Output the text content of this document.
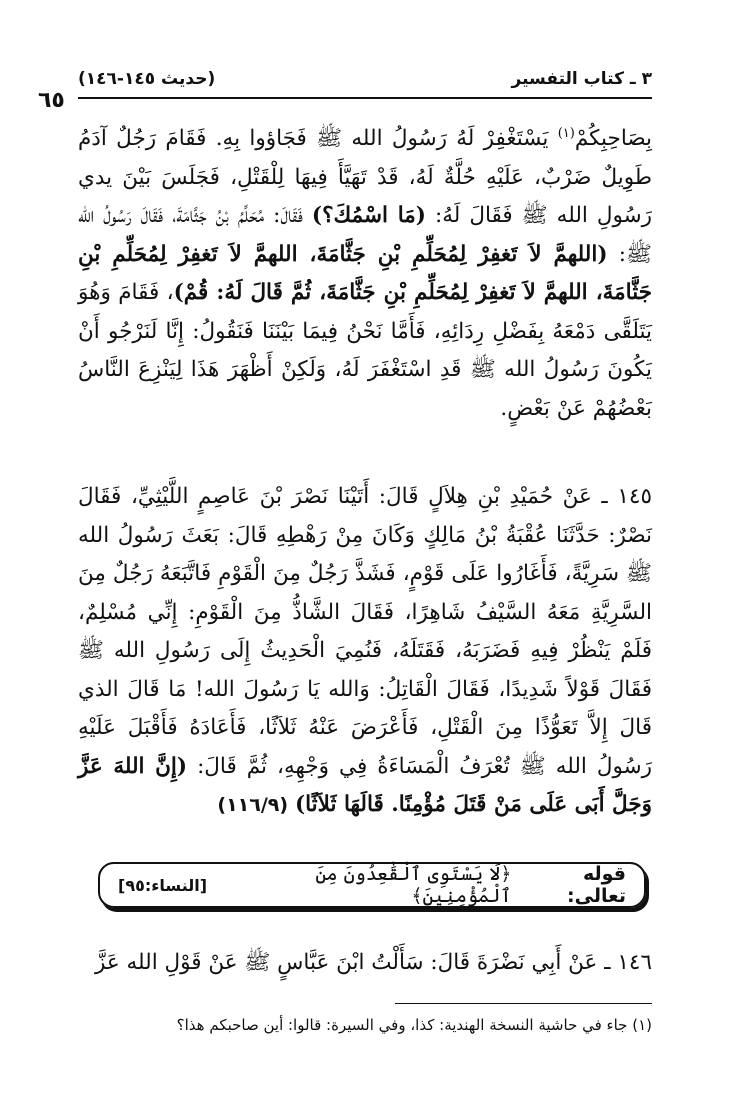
٣ ـ كتاب التفسير
(حديث ١٤٥-١٤٦)
٦٥
بِصَاحِبِكُمْ$^{(١)}$ يَسْتَغْفِرْ لَهُ رَسُولُ الله ﷺ فَجَاؤوا بِهِ. فَقَامَ رَجُلٌ آدَمُ طَوِيلٌ ضَرْبٌ، عَلَيْهِ حُلَّةٌ لَهُ، قَدْ تَهَيَّأَ فِيهَا لِلْقَتْلِ، فَجَلَسَ بَيْنَ يدي رَسُولِ الله ﷺ فَقَالَ لَهُ: (مَا اسْمُكَ؟) فَقَالَ: مُحَلِّمُ بْنُ جَثَّامَةَ، فَقَالَ رَسُولُ الله ﷺ: (اللهمَّ لاَ تَغفِرْ لِمُحَلِّمِ بْنِ جَثَّامَةَ، اللهمَّ لاَ تَغفِرْ لِمُحَلِّمِ بْنِ جَثَّامَةَ، اللهمَّ لاَ تَغفِرْ لِمُحَلِّمِ بْنِ جَثَّامَةَ، ثُمَّ قَالَ لَهُ: قُمْ)، فَقَامَ وَهُوَ يَتَلَقَّى دَمْعَهُ بِفَضْلِ رِدَائِهِ، فَأَمَّا نَحْنُ فِيمَا بَيْنَنَا فَنَقُولُ: إِنَّا لَنَرْجُو أَنْ يَكُونَ رَسُولُ الله ﷺ قَدِ اسْتَغْفَرَ لَهُ، وَلَكِنْ أَظْهَرَ هَذَا لِيَنْزِعَ النَّاسُ بَعْضُهُمْ عَنْ بَعْضٍ.
١٤٥ ـ عَنْ حُمَيْدِ بْنِ هِلاَلٍ قَالَ: أَتَيْنَا نَصْرَ بْنَ عَاصِمٍ اللَّيْثِيِّ، فَقَالَ نَصْرٌ: حَدَّثَنَا عُقْبَةُ بْنُ مَالِكٍ وَكَانَ مِنْ رَهْطِهِ قَالَ: بَعَثَ رَسُولُ الله ﷺ سَرِيَّةً، فَأَغَارُوا عَلَى قَوْمٍ، فَشَذَّ رَجُلٌ مِنَ الْقَوْمِ فَاتَّبَعَهُ رَجُلٌ مِنَ السَّرِيَّةِ مَعَهُ السَّيْفُ شَاهِرًا، فَقَالَ الشَّاذُّ مِنَ الْقَوْمِ: إِنِّي مُسْلِمٌ، فَلَمْ يَنْظُرْ فِيهِ فَضَرَبَهُ، فَقَتَلَهُ، فَنُمِيَ الْحَدِيثُ إِلَى رَسُولِ الله ﷺ فَقَالَ قَوْلاً شَدِيدًا، فَقَالَ الْقَاتِلُ: وَالله يَا رَسُولَ الله! مَا قَالَ الذي قَالَ إِلاَّ تَعَوُّذًا مِنَ الْقَتْلِ، فَأَعْرَضَ عَنْهُ ثَلاَثًا، فَأَعَادَهُ فَأَقْبَلَ عَلَيْهِ رَسُولُ الله ﷺ تُعْرَفُ الْمَسَاءَةُ فِي وَجْهِهِ، ثُمَّ قَالَ: (إِنَّ اللهَ عَزَّ وَجَلَّ أَبَى عَلَى مَنْ قَتَلَ مُؤْمِنًا. قَالَهَا ثَلاَثًا) (١١٦/٩)
قوله تعالى:
﴿لَا يَسْتَوِى ٱلْقَٰعِدُونَ مِنَ ٱلْمُؤْمِنِينَ﴾
[النساء:٩٥]
١٤٦ ـ عَنْ أَبِي نَضْرَةَ قَالَ: سَأَلْتُ ابْنَ عَبَّاسٍ ﷺ عَنْ قَوْلِ الله عَزَّ
(١) جاء في حاشية النسخة الهندية: كذا، وفي السيرة: قالوا: أين صاحبكم هذا؟
